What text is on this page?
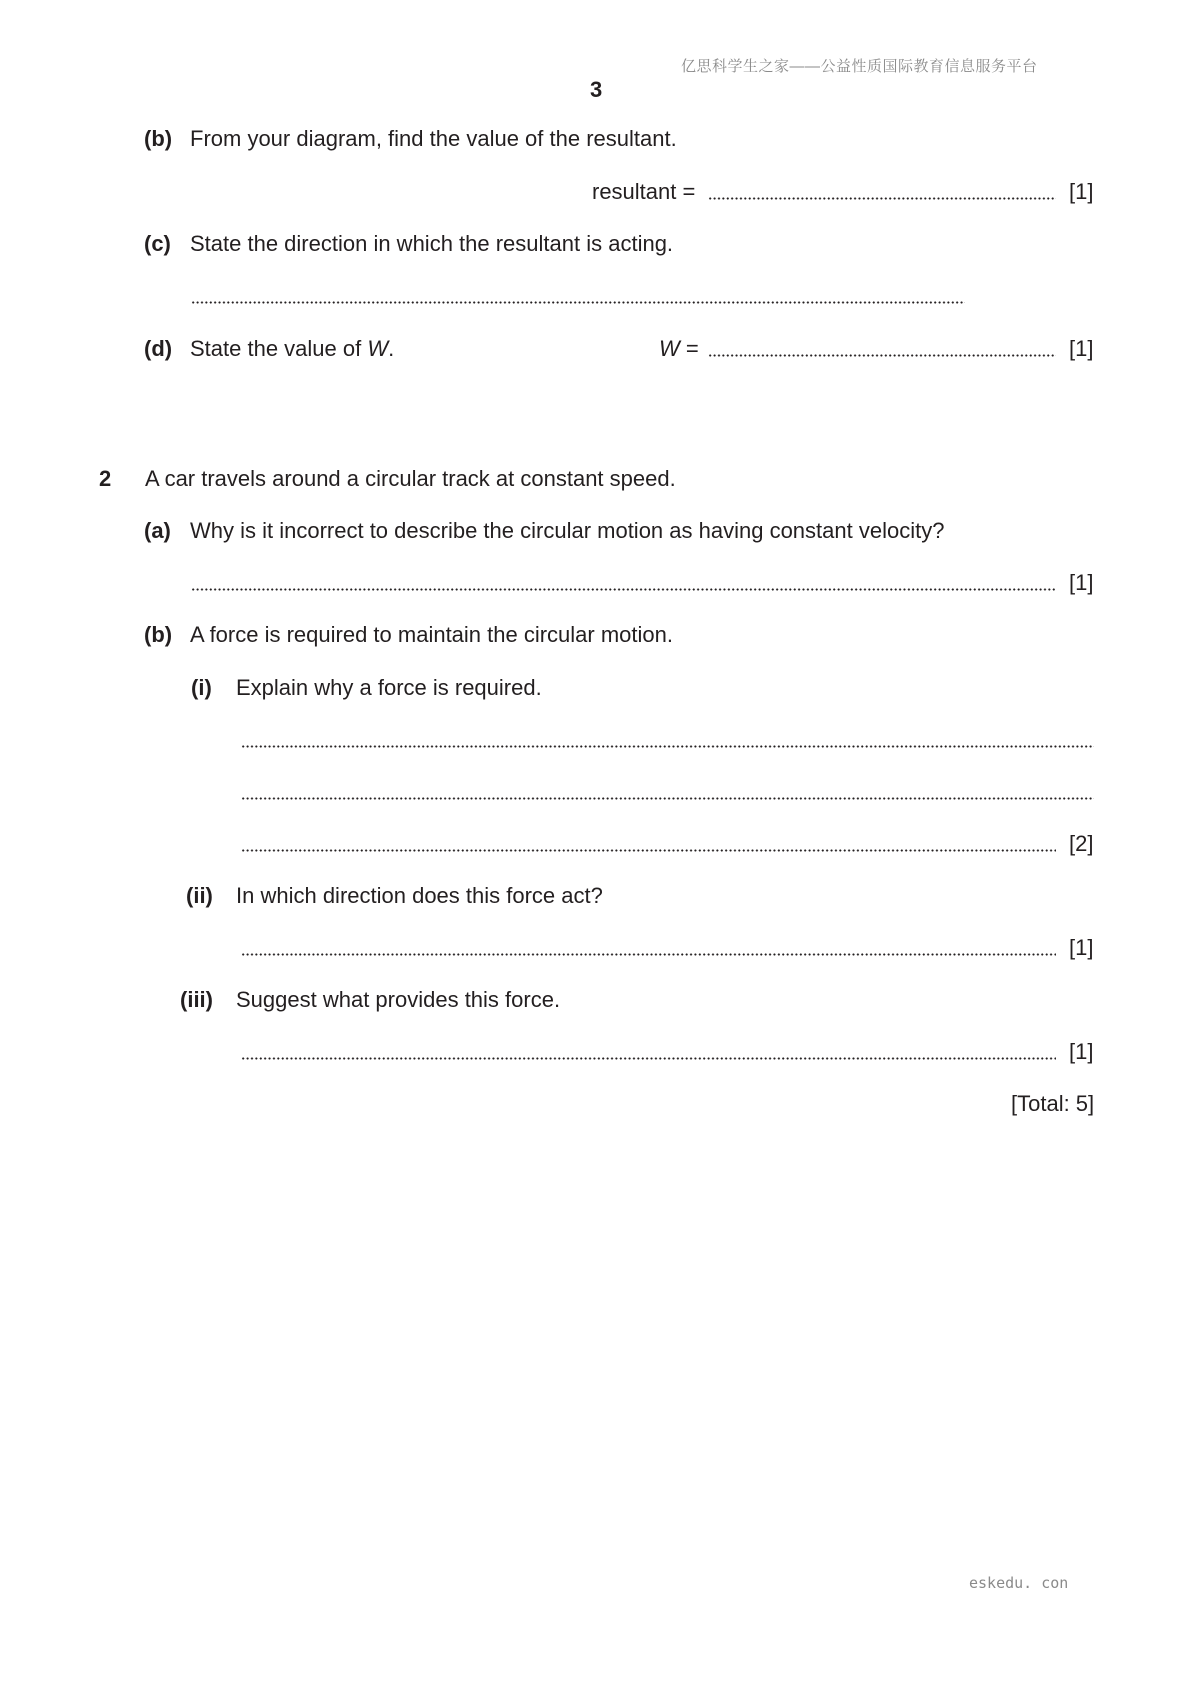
亿思科学生之家——公益性质国际教育信息服务平台
3
(b) From your diagram, find the value of the resultant.
resultant =	[1]
(c) State the direction in which the resultant is acting.
(d) State the value of W.	W =	[1]
2 A car travels around a circular track at constant speed.
(a) Why is it incorrect to describe the circular motion as having constant velocity?
[1]
(b) A force is required to maintain the circular motion.
(i) Explain why a force is required.
[2]
(ii) In which direction does this force act?
[1]
(iii) Suggest what provides this force.
[1]
[Total: 5]
eskedu. con
